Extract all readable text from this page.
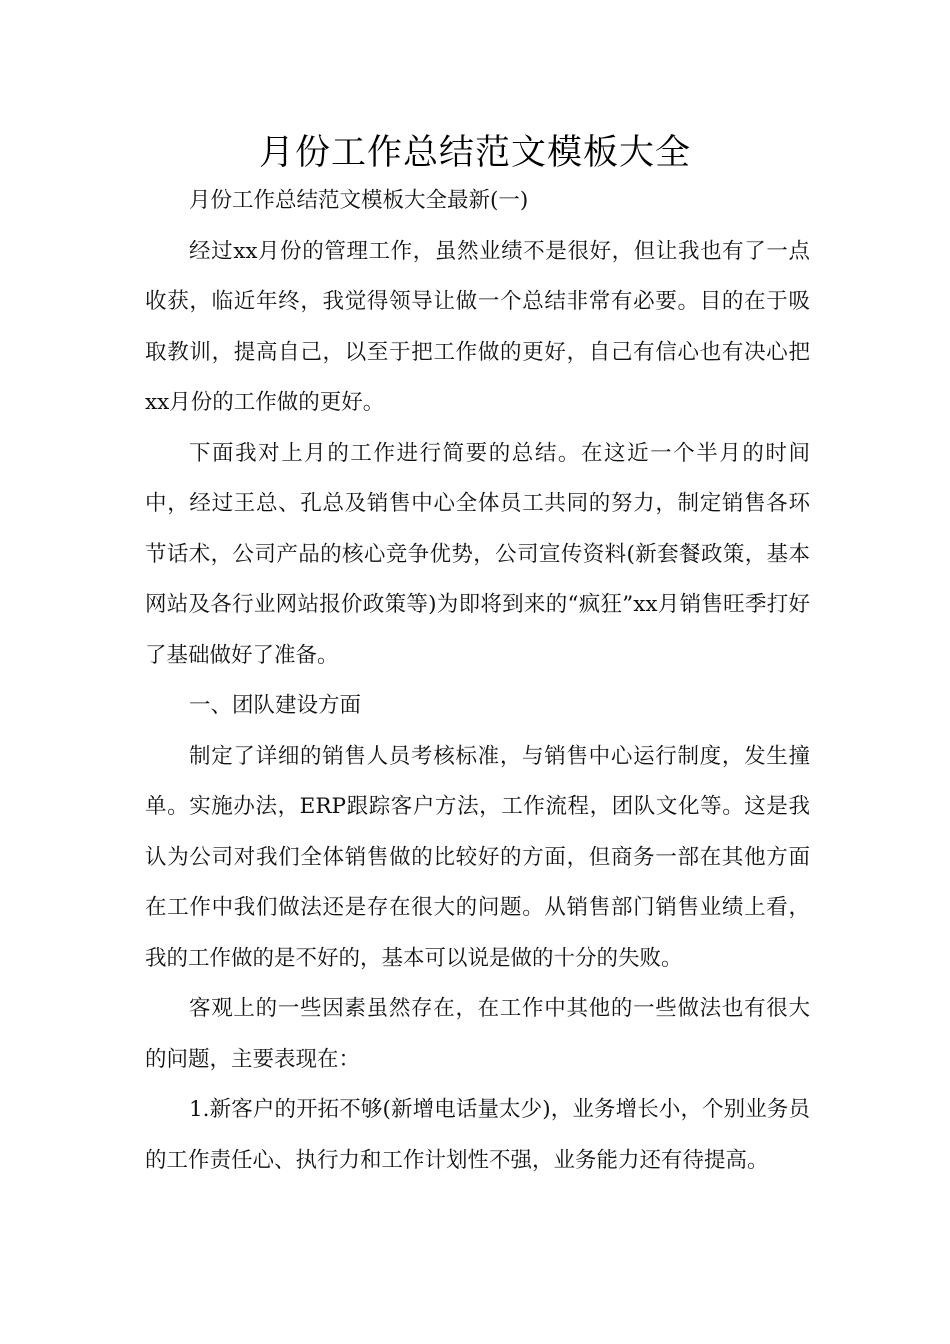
月份工作总结范文模板大全

月份工作总结范文模板大全最新(一)

经过xx月份的管理工作，虽然业绩不是很好，但让我也有了一点收获，临近年终，我觉得领导让做一个总结非常有必要。目的在于吸取教训，提高自己，以至于把工作做的更好，自己有信心也有决心把xx月份的工作做的更好。

下面我对上月的工作进行简要的总结。在这近一个半月的时间中，经过王总、孔总及销售中心全体员工共同的努力，制定销售各环节话术，公司产品的核心竞争优势，公司宣传资料(新套餐政策，基本网站及各行业网站报价政策等)为即将到来的“疯狂”xx月销售旺季打好了基础做好了准备。

一、团队建设方面

制定了详细的销售人员考核标准，与销售中心运行制度，发生撞单。实施办法，ERP跟踪客户方法，工作流程，团队文化等。这是我认为公司对我们全体销售做的比较好的方面，但商务一部在其他方面在工作中我们做法还是存在很大的问题。从销售部门销售业绩上看，我的工作做的是不好的，基本可以说是做的十分的失败。

客观上的一些因素虽然存在，在工作中其他的一些做法也有很大的问题，主要表现在：

1.新客户的开拓不够(新增电话量太少)，业务增长小，个别业务员的工作责任心、执行力和工作计划性不强，业务能力还有待提高。
